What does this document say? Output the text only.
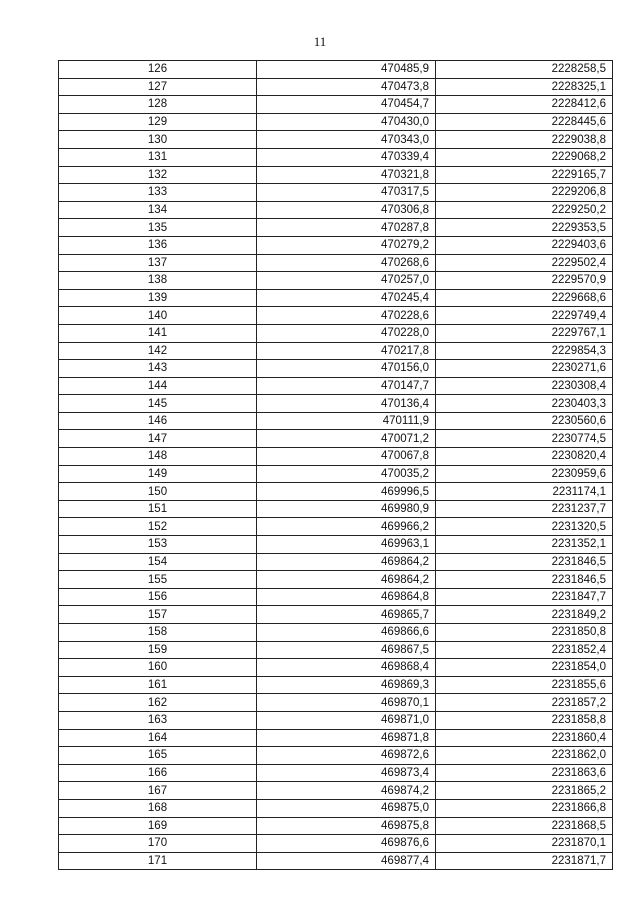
11
126	470485,9	2228258,5
127	470473,8	2228325,1
128	470454,7	2228412,6
129	470430,0	2228445,6
130	470343,0	2229038,8
131	470339,4	2229068,2
132	470321,8	2229165,7
133	470317,5	2229206,8
134	470306,8	2229250,2
135	470287,8	2229353,5
136	470279,2	2229403,6
137	470268,6	2229502,4
138	470257,0	2229570,9
139	470245,4	2229668,6
140	470228,6	2229749,4
141	470228,0	2229767,1
142	470217,8	2229854,3
143	470156,0	2230271,6
144	470147,7	2230308,4
145	470136,4	2230403,3
146	470111,9	2230560,6
147	470071,2	2230774,5
148	470067,8	2230820,4
149	470035,2	2230959,6
150	469996,5	2231174,1
151	469980,9	2231237,7
152	469966,2	2231320,5
153	469963,1	2231352,1
154	469864,2	2231846,5
155	469864,2	2231846,5
156	469864,8	2231847,7
157	469865,7	2231849,2
158	469866,6	2231850,8
159	469867,5	2231852,4
160	469868,4	2231854,0
161	469869,3	2231855,6
162	469870,1	2231857,2
163	469871,0	2231858,8
164	469871,8	2231860,4
165	469872,6	2231862,0
166	469873,4	2231863,6
167	469874,2	2231865,2
168	469875,0	2231866,8
169	469875,8	2231868,5
170	469876,6	2231870,1
171	469877,4	2231871,7
